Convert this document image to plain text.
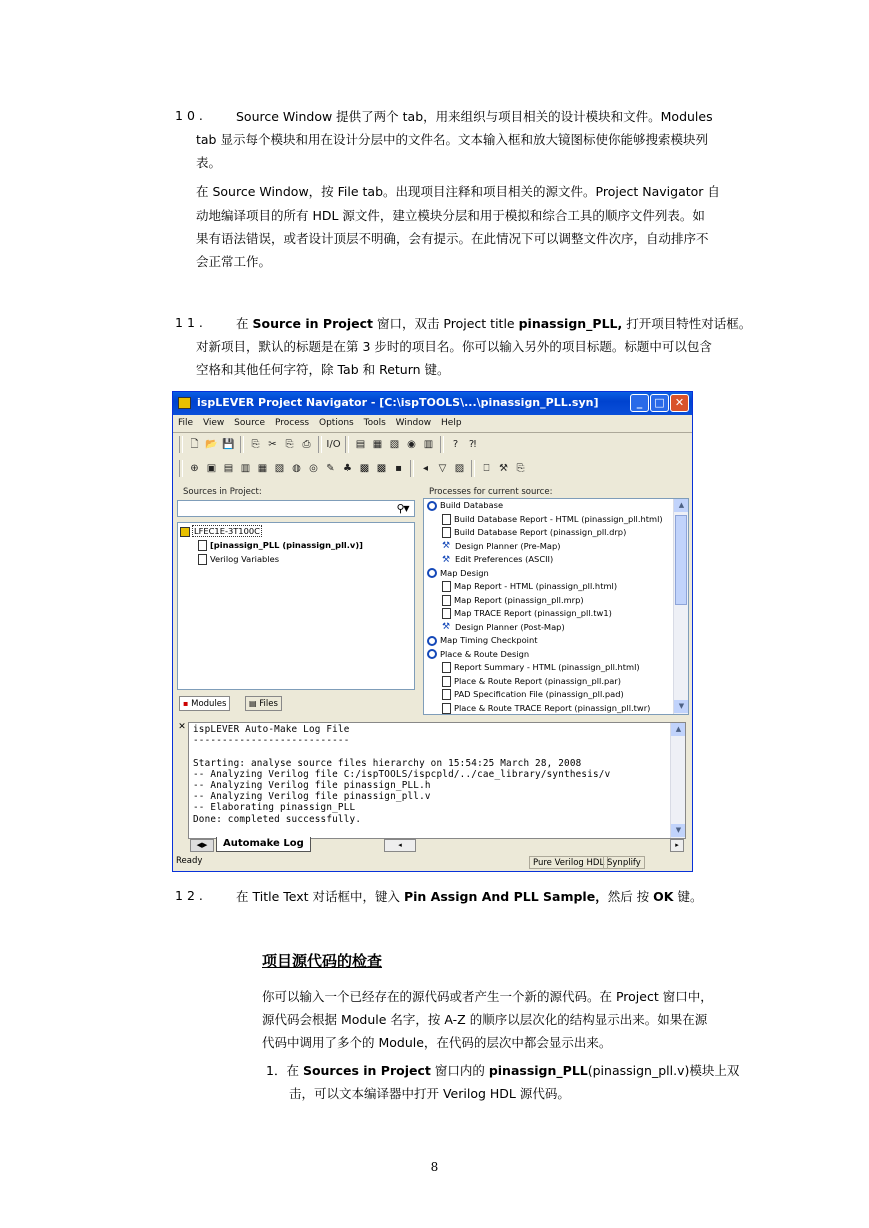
10. Source Window 提供了两个 tab，用来组织与项目相关的设计模块和文件。Modules
tab 显示每个模块和用在设计分层中的文件名。文本输入框和放大镜图标使你能够搜索模块列
表。
在 Source Window，按 File tab。出现项目注释和项目相关的源文件。Project Navigator 自
动地编译项目的所有 HDL 源文件，建立模块分层和用于模拟和综合工具的顺序文件列表。如
果有语法错误，或者设计顶层不明确，会有提示。在此情况下可以调整文件次序，自动排序不
会正常工作。
11. 在 Source in Project 窗口，双击 Project title pinassign_PLL, 打开项目特性对话框。
对新项目，默认的标题是在第 3 步时的项目名。你可以输入另外的项目标题。标题中可以包含
空格和其他任何字符，除 Tab 和 Return 键。
ispLEVER Project Navigator - [C:\ispTOOLS\...\pinassign_PLL.syn]	_	□ ✕
File View Source Process Options Tools Window Help
🗋 📂 💾 ⎘ ✂ ⎘ ⎙ I/O ▤ ▦ ▧ ◉ ▥ ? ⁈
⊕ ▣ ▤ ▥ ▦ ▧ ◍ ◎ ✎ ♣ ▩ ▩ ▪ ◂ ▽ ▨ ⎕ ⚒ ⎘
Sources in Project:
▼
⚲
LFEC1E-3T100C
[pinassign_PLL (pinassign_pll.v)]
Verilog Variables
▪ Modules	▤ Files
Processes for current source:
Build Database
Build Database Report - HTML (pinassign_pll.html)
Build Database Report (pinassign_pll.drp)
⚒ Design Planner (Pre-Map)
⚒ Edit Preferences (ASCII)
Map Design
Map Report - HTML (pinassign_pll.html)
Map Report (pinassign_pll.mrp)
Map TRACE Report (pinassign_pll.tw1)
⚒ Design Planner (Post-Map)
Map Timing Checkpoint
Place & Route Design
Report Summary - HTML (pinassign_pll.html)
Place & Route Report (pinassign_pll.par)
PAD Specification File (pinassign_pll.pad)
Place & Route TRACE Report (pinassign_pll.twr)
▲
▼
✕ ispLEVER Auto-Make Log File
---------------------------
Starting: analyse source files hierarchy on 15:54:25 March 28, 2008
-- Analyzing Verilog file C:/ispTOOLS/ispcpld/../cae_library/synthesis/v
-- Analyzing Verilog file pinassign_PLL.h
-- Analyzing Verilog file pinassign_pll.v
-- Elaborating pinassign_PLL
Done: completed successfully.
▲
▼
◀▶	Automake Log	◂	▸
Ready	Pure Verilog HDL Synplify
12. 在 Title Text 对话框中，键入 Pin Assign And PLL Sample，然后 按 OK 键。
项目源代码的检查
你可以输入一个已经存在的源代码或者产生一个新的源代码。在 Project 窗口中，
源代码会根据 Module 名字，按 A-Z 的顺序以层次化的结构显示出来。如果在源
代码中调用了多个的 Module，在代码的层次中都会显示出来。
1．在 Sources in Project 窗口内的 pinassign_PLL(pinassign_pll.v)模块上双
击，可以文本编译器中打开 Verilog HDL 源代码。
8
